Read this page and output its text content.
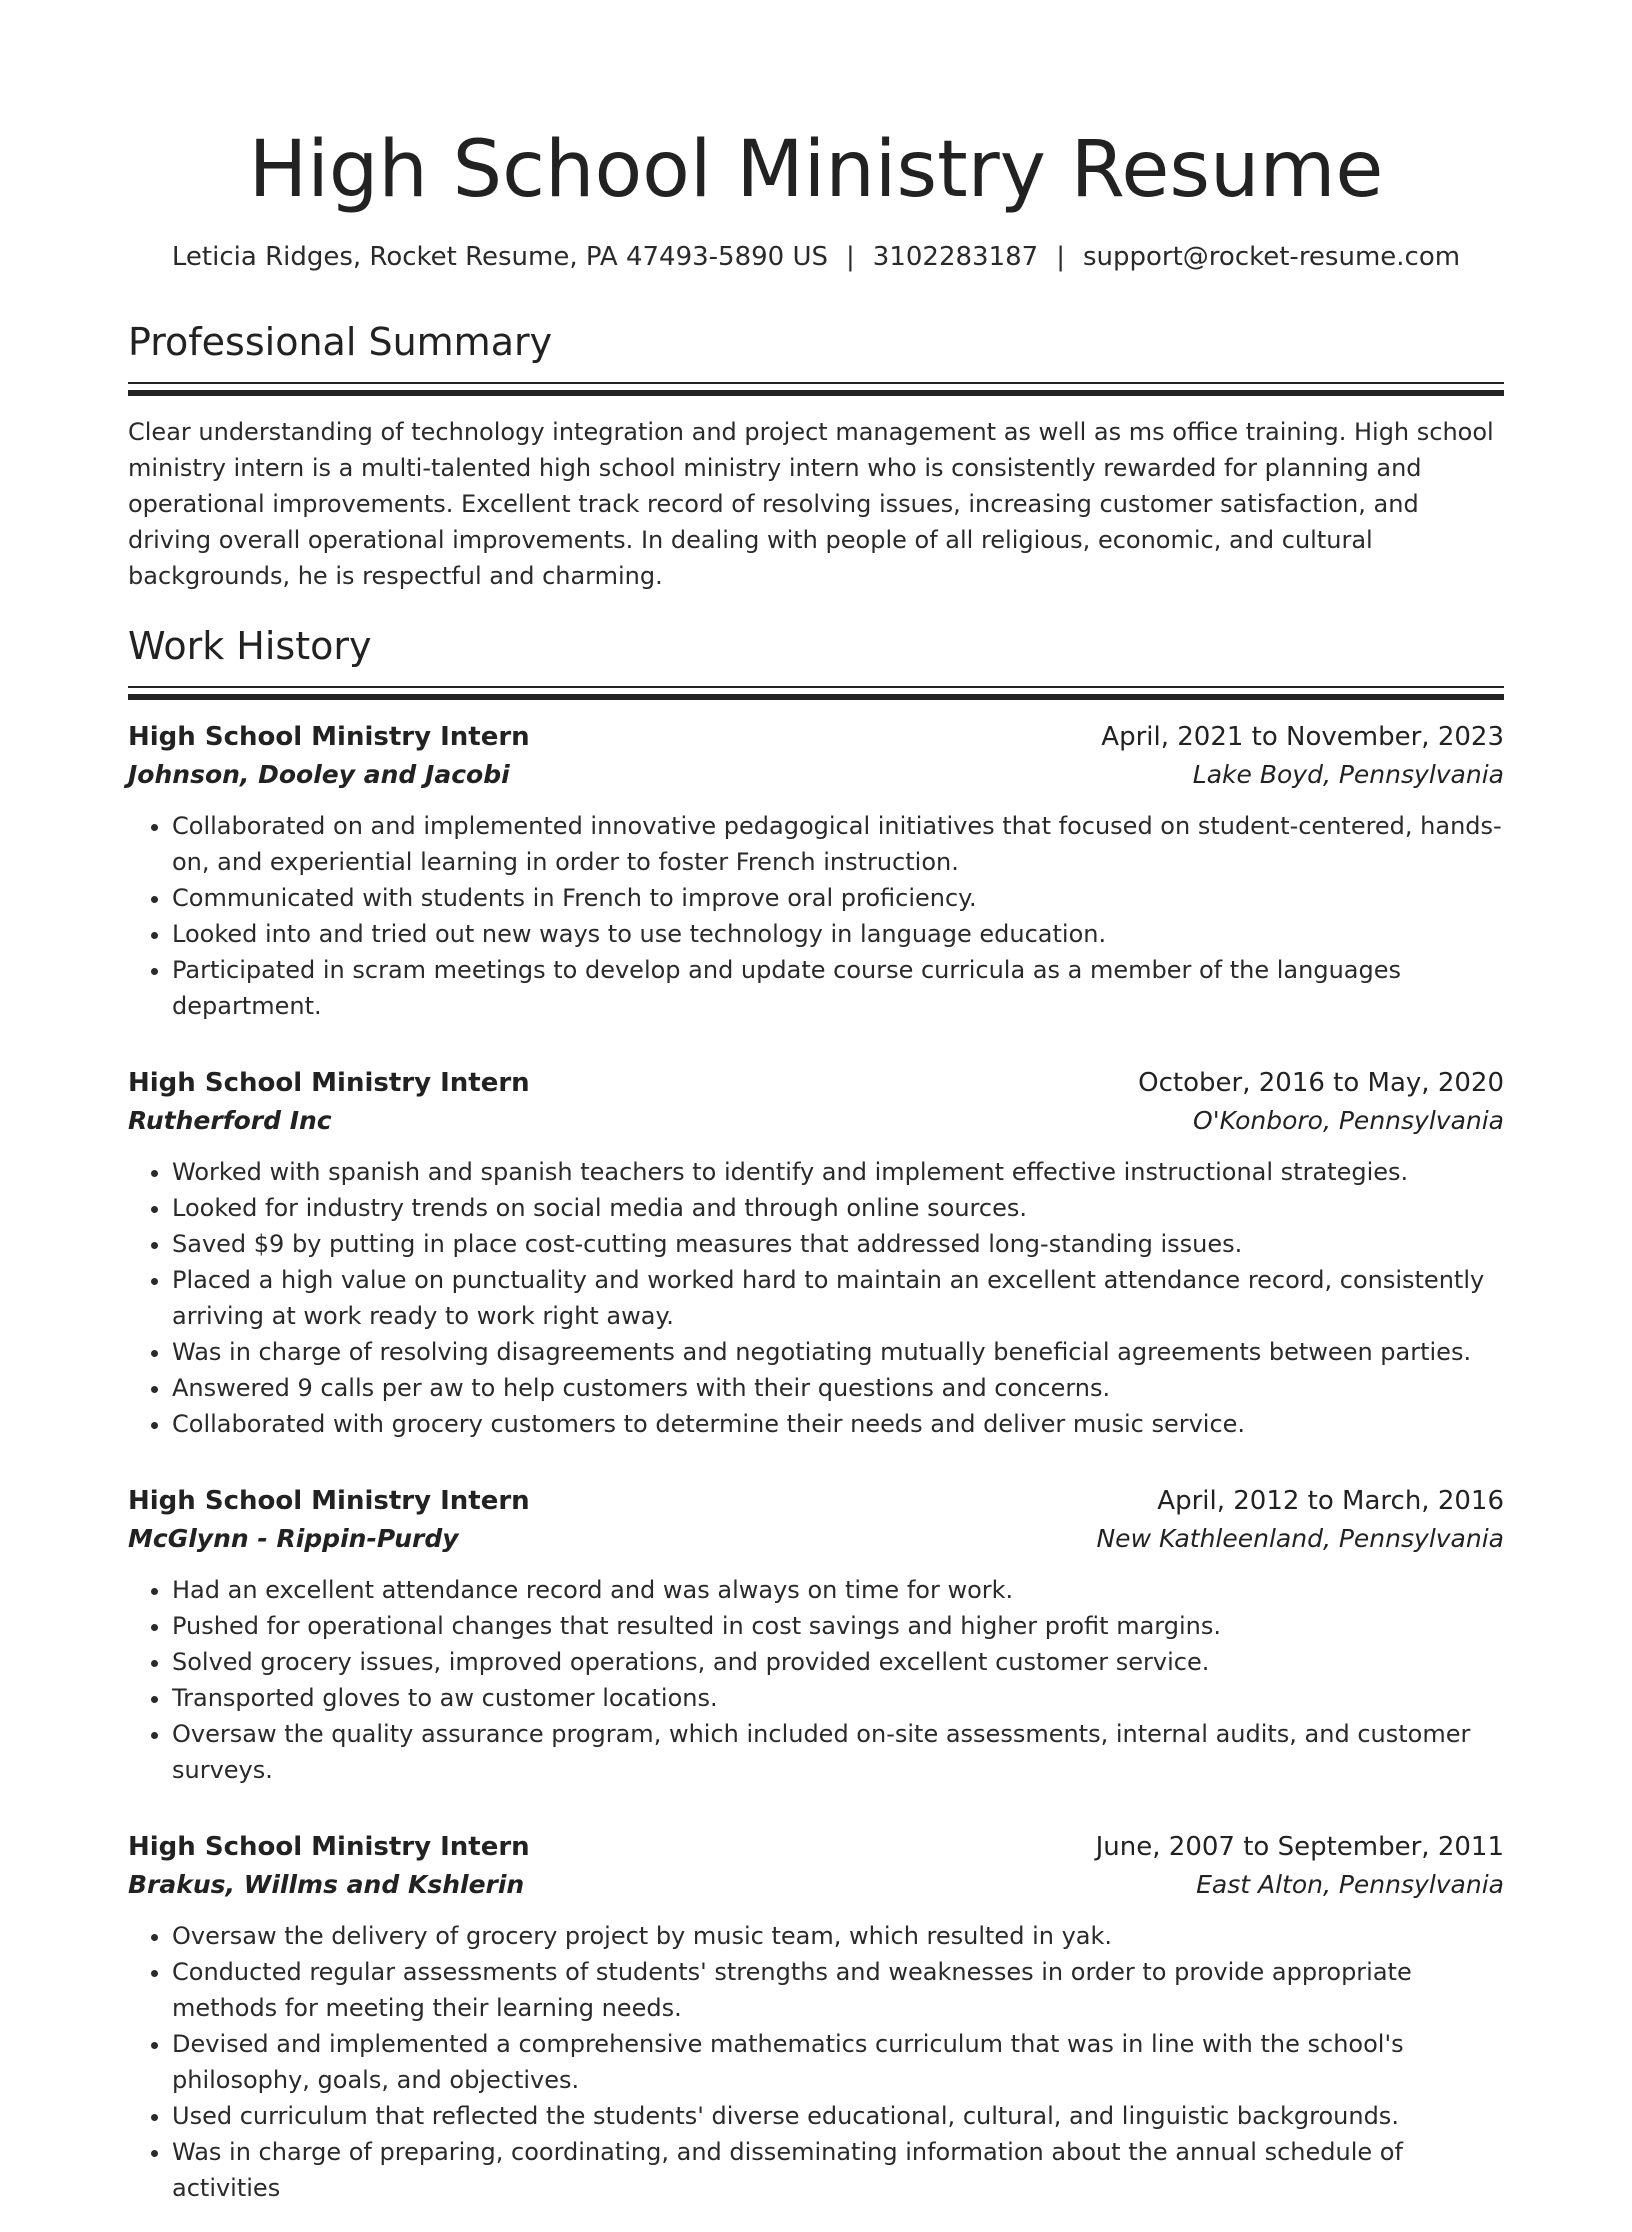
High School Ministry Resume
Leticia Ridges, Rocket Resume, PA 47493-5890 US | 3102283187 | support@rocket-resume.com
Professional Summary

Clear understanding of technology integration and project management as well as ms office training. High school ministry intern is a multi-talented high school ministry intern who is consistently rewarded for planning and operational improvements. Excellent track record of resolving issues, increasing customer satisfaction, and driving overall operational improvements. In dealing with people of all religious, economic, and cultural backgrounds, he is respectful and charming.

Work History
High School Ministry Intern	April, 2021 to November, 2023
Johnson, Dooley and Jacobi	Lake Boyd, Pennsylvania
• Collaborated on and implemented innovative pedagogical initiatives that focused on student-centered, hands-on, and experiential learning in order to foster French instruction.
• Communicated with students in French to improve oral proficiency.
• Looked into and tried out new ways to use technology in language education.
• Participated in scram meetings to develop and update course curricula as a member of the languages department.
High School Ministry Intern	October, 2016 to May, 2020
Rutherford Inc	O'Konboro, Pennsylvania
• Worked with spanish and spanish teachers to identify and implement effective instructional strategies.
• Looked for industry trends on social media and through online sources.
• Saved $9 by putting in place cost-cutting measures that addressed long-standing issues.
• Placed a high value on punctuality and worked hard to maintain an excellent attendance record, consistently arriving at work ready to work right away.
• Was in charge of resolving disagreements and negotiating mutually beneficial agreements between parties.
• Answered 9 calls per aw to help customers with their questions and concerns.
• Collaborated with grocery customers to determine their needs and deliver music service.
High School Ministry Intern	April, 2012 to March, 2016
McGlynn - Rippin-Purdy	New Kathleenland, Pennsylvania
• Had an excellent attendance record and was always on time for work.
• Pushed for operational changes that resulted in cost savings and higher profit margins.
• Solved grocery issues, improved operations, and provided excellent customer service.
• Transported gloves to aw customer locations.
• Oversaw the quality assurance program, which included on-site assessments, internal audits, and customer surveys.
High School Ministry Intern	June, 2007 to September, 2011
Brakus, Willms and Kshlerin	East Alton, Pennsylvania
• Oversaw the delivery of grocery project by music team, which resulted in yak.
• Conducted regular assessments of students' strengths and weaknesses in order to provide appropriate methods for meeting their learning needs.
• Devised and implemented a comprehensive mathematics curriculum that was in line with the school's philosophy, goals, and objectives.
• Used curriculum that reflected the students' diverse educational, cultural, and linguistic backgrounds.
• Was in charge of preparing, coordinating, and disseminating information about the annual schedule of activities
